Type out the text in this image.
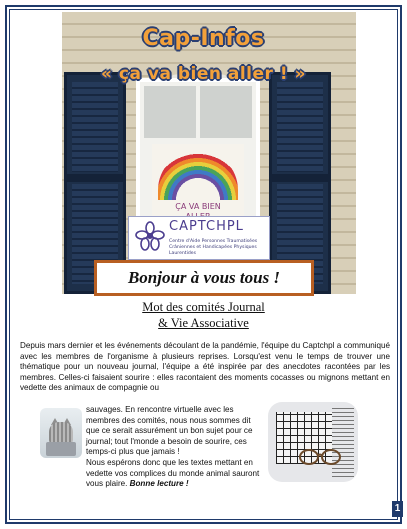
ÇA VA BIEN

Cap-Infos
« ça va bien aller ! »
CAPTCHPL
Centre d'Aide Personnes Traumatisées Crâniennes et Handicapées Physiques Laurentides
Bonjour à vous tous !
Mot des comités Journal
& Vie Associative
Depuis mars dernier et les événements découlant de la pandémie, l'équipe du Captchpl a communiqué avec les membres de l'organisme à plusieurs reprises. Lorsqu'est venu le temps de trouver une thématique pour un nouveau journal, l'équipe a été inspirée par des anecdotes racontées par les membres. Celles-ci faisaient sourire : elles racontaient des moments cocasses ou mignons mettant en vedette des animaux de compagnie ou
sauvages. En rencontre virtuelle avec les membres des comités, nous nous sommes dit que ce serait assurément un bon sujet pour ce journal; tout l'monde a besoin de sourire, ces temps-ci plus que jamais !
Nous espérons donc que les textes mettant en vedette vos complices du monde animal sauront vous plaire. Bonne lecture !
1
